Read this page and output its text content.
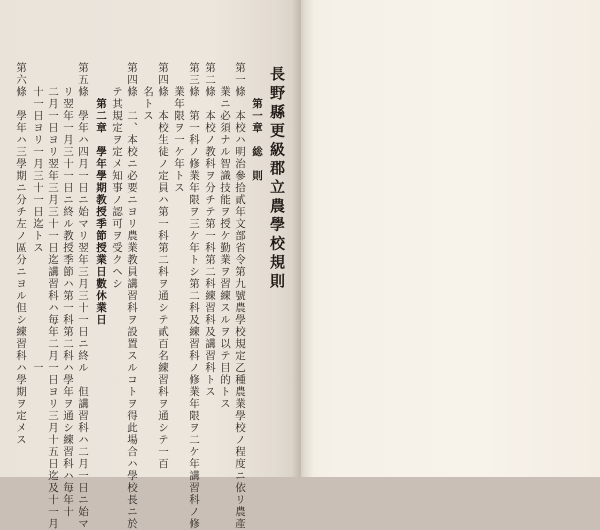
長野縣更級郡立農學校規則
第一章　総　則
第一條　本校ハ明治參拾貳年文部省令第九號農學校規定乙種農業學校ノ程度ニ依リ農產
業ニ必須ナル智識技能ヲ授ケ勤業ヲ習練スルヲ以テ目的トス
第二條　本校ノ教科ヲ分チテ第一科第二科練習科及講習科トス
第三條　第一科ノ修業年限ヲ三ケ年トシ第二科及練習科ノ修業年限ヲ二ケ年講習科ノ修
業年限ヲ一ケ年トス
第四條　本校生徒ノ定員ハ第一科第二科ヲ通シテ貳百名練習科ヲ通シテ一百
名トス
第四條　二、本校ニ必要ニヨリ農業教員講習科ヲ設置スルコトヲ得此場合ハ學校長ニ於
テ其規定ヲ定メ知事ノ認可ヲ受クヘシ
第二章　學年學期教授季節授業日數休業日
第五條　學年ハ四月一日ニ始マリ翌年三月三十一日ニ終ル　但講習科ハ二月一日ニ始マ
リ翌年一月三十一日ニ終ル教授季節ハ第一科第二科ハ學年ヲ通シ練習科ハ毎年十
二月一日ヨリ翌年三月三十一日迄講習科ハ毎年二月一日ヨリ三月十五日迄及十一月
十一日ヨリ一月三十一日迄トス
第六條　學年ハ三學期ニ分チ左ノ區分ニヨル但シ練習科ハ學期ヲ定メス 一
